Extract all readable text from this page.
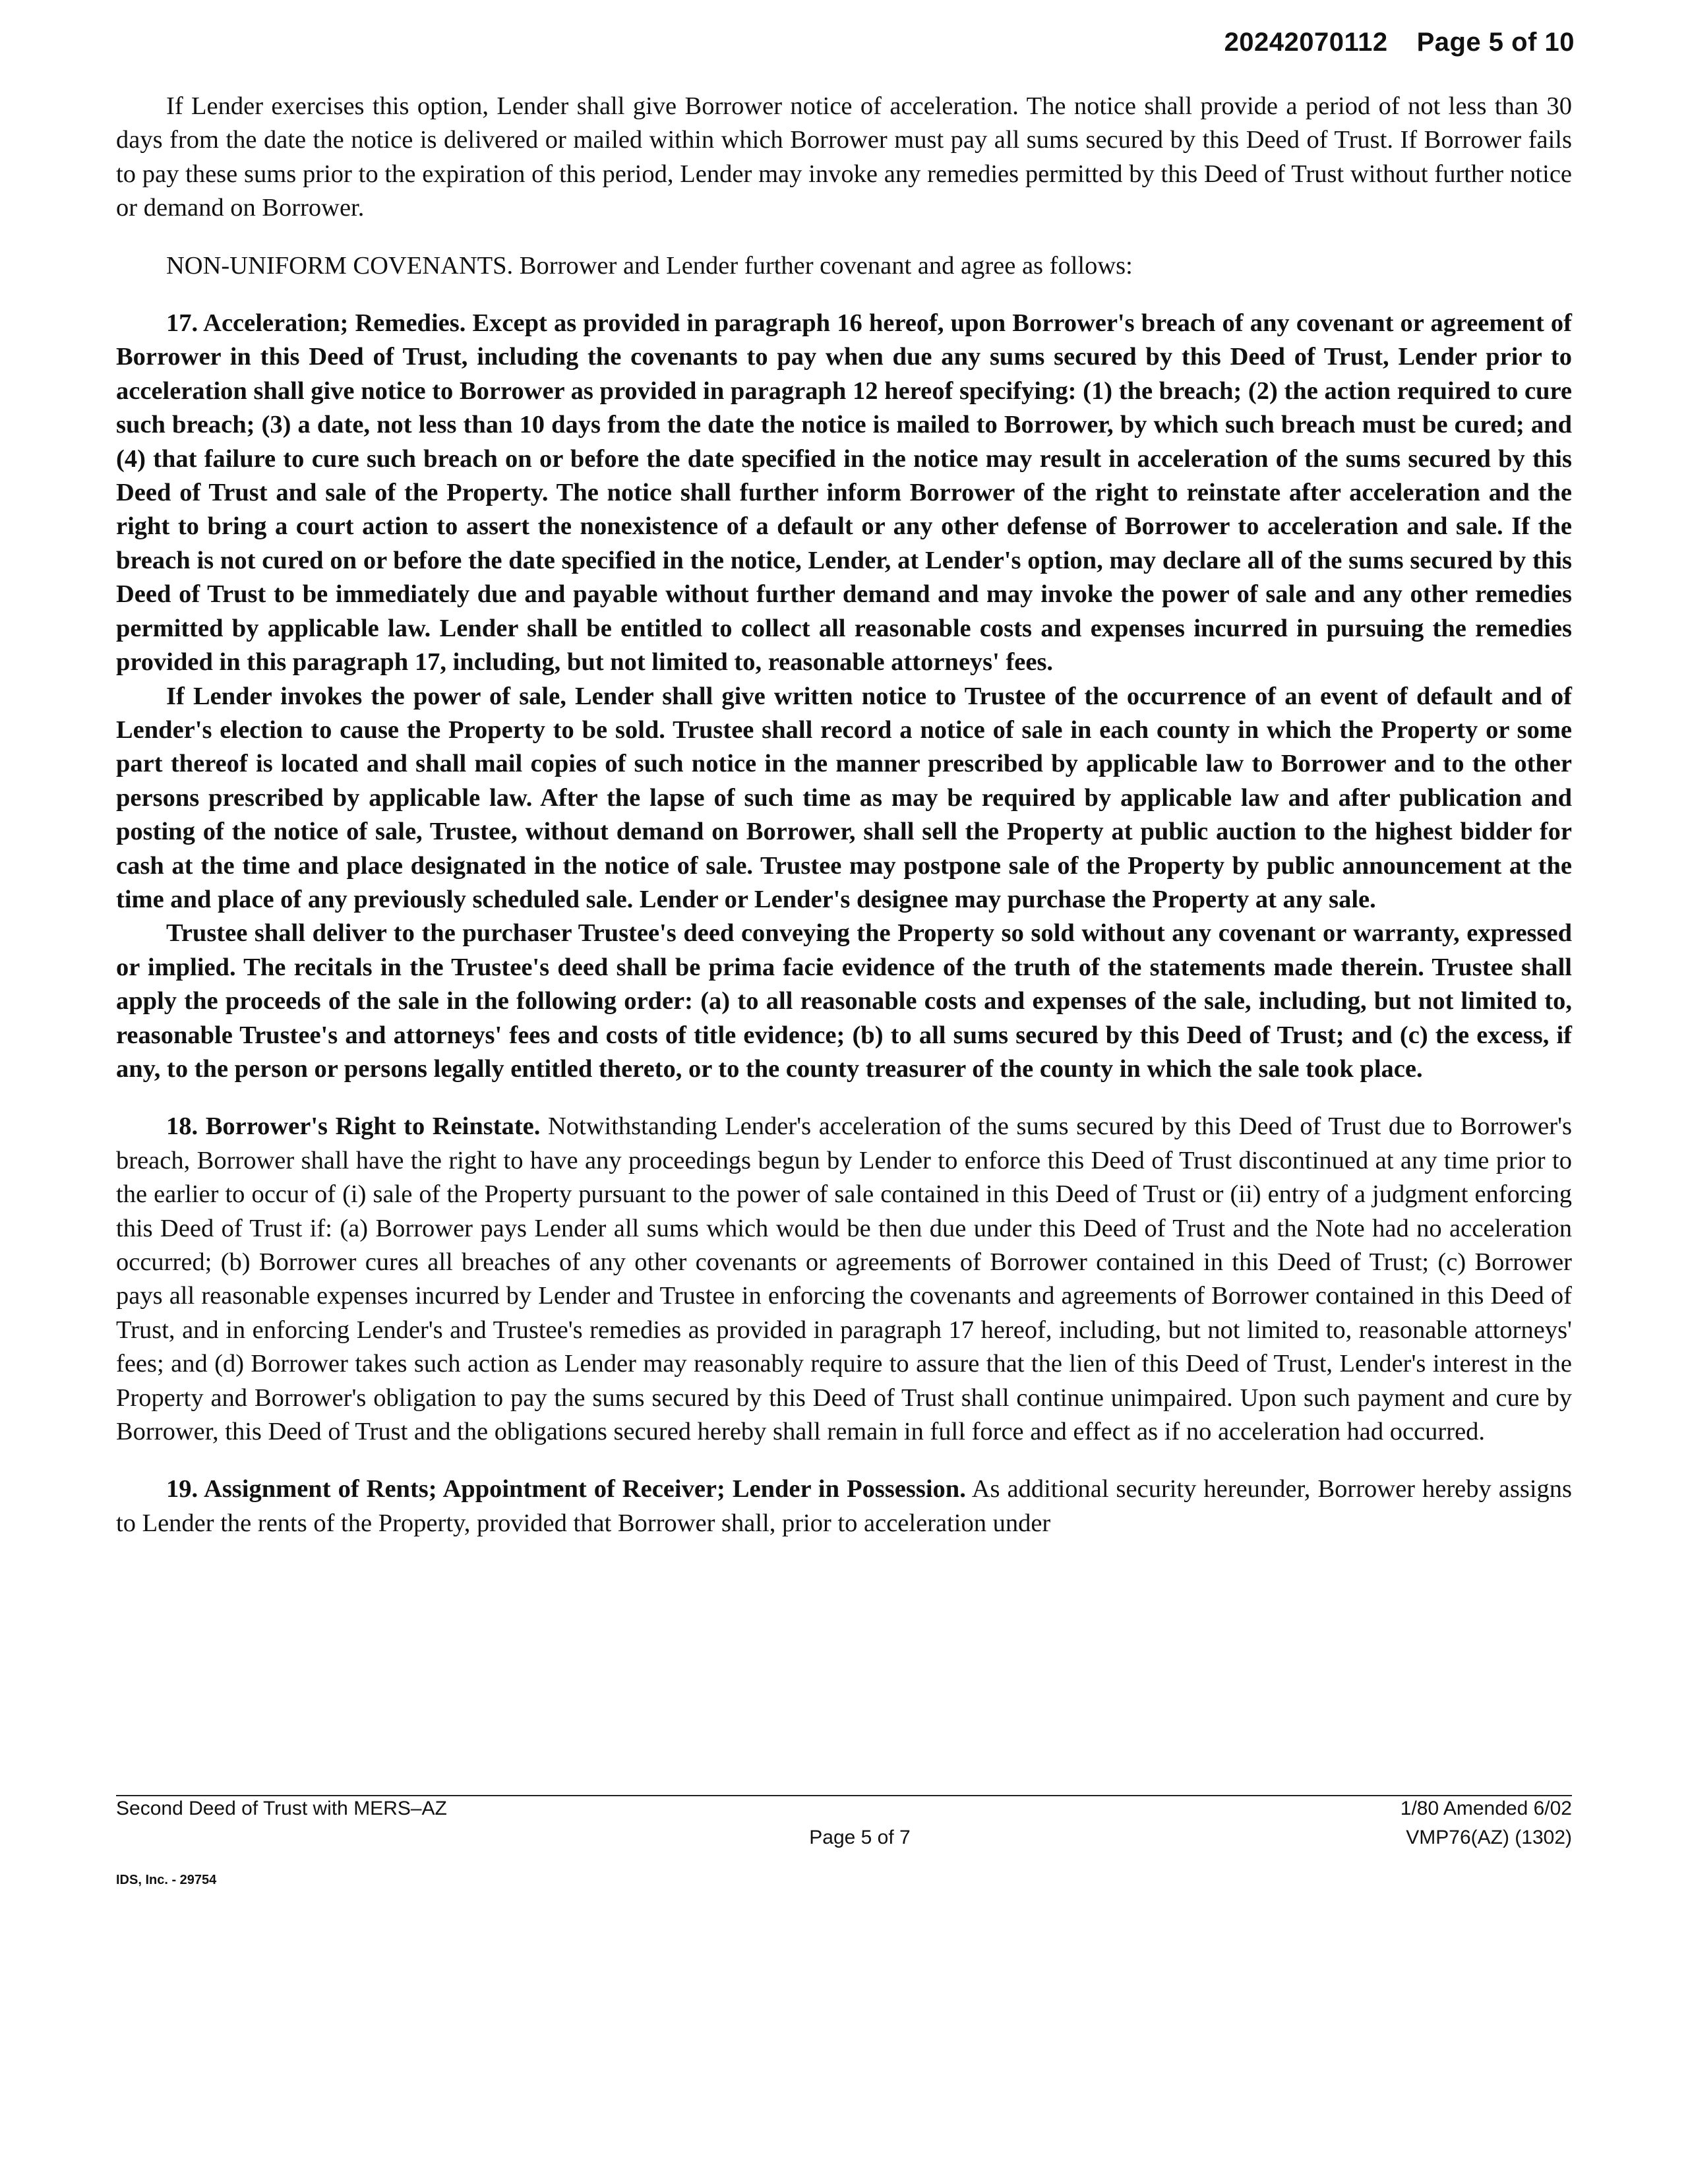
20242070112 Page 5 of 10

If Lender exercises this option, Lender shall give Borrower notice of acceleration. The notice shall provide a period of not less than 30 days from the date the notice is delivered or mailed within which Borrower must pay all sums secured by this Deed of Trust. If Borrower fails to pay these sums prior to the expiration of this period, Lender may invoke any remedies permitted by this Deed of Trust without further notice or demand on Borrower.

NON-UNIFORM COVENANTS. Borrower and Lender further covenant and agree as follows:

17. Acceleration; Remedies. Except as provided in paragraph 16 hereof, upon Borrower's breach of any covenant or agreement of Borrower in this Deed of Trust, including the covenants to pay when due any sums secured by this Deed of Trust, Lender prior to acceleration shall give notice to Borrower as provided in paragraph 12 hereof specifying: (1) the breach; (2) the action required to cure such breach; (3) a date, not less than 10 days from the date the notice is mailed to Borrower, by which such breach must be cured; and (4) that failure to cure such breach on or before the date specified in the notice may result in acceleration of the sums secured by this Deed of Trust and sale of the Property. The notice shall further inform Borrower of the right to reinstate after acceleration and the right to bring a court action to assert the nonexistence of a default or any other defense of Borrower to acceleration and sale. If the breach is not cured on or before the date specified in the notice, Lender, at Lender's option, may declare all of the sums secured by this Deed of Trust to be immediately due and payable without further demand and may invoke the power of sale and any other remedies permitted by applicable law. Lender shall be entitled to collect all reasonable costs and expenses incurred in pursuing the remedies provided in this paragraph 17, including, but not limited to, reasonable attorneys' fees.

If Lender invokes the power of sale, Lender shall give written notice to Trustee of the occurrence of an event of default and of Lender's election to cause the Property to be sold. Trustee shall record a notice of sale in each county in which the Property or some part thereof is located and shall mail copies of such notice in the manner prescribed by applicable law to Borrower and to the other persons prescribed by applicable law. After the lapse of such time as may be required by applicable law and after publication and posting of the notice of sale, Trustee, without demand on Borrower, shall sell the Property at public auction to the highest bidder for cash at the time and place designated in the notice of sale. Trustee may postpone sale of the Property by public announcement at the time and place of any previously scheduled sale. Lender or Lender's designee may purchase the Property at any sale.

Trustee shall deliver to the purchaser Trustee's deed conveying the Property so sold without any covenant or warranty, expressed or implied. The recitals in the Trustee's deed shall be prima facie evidence of the truth of the statements made therein. Trustee shall apply the proceeds of the sale in the following order: (a) to all reasonable costs and expenses of the sale, including, but not limited to, reasonable Trustee's and attorneys' fees and costs of title evidence; (b) to all sums secured by this Deed of Trust; and (c) the excess, if any, to the person or persons legally entitled thereto, or to the county treasurer of the county in which the sale took place.

18. Borrower's Right to Reinstate. Notwithstanding Lender's acceleration of the sums secured by this Deed of Trust due to Borrower's breach, Borrower shall have the right to have any proceedings begun by Lender to enforce this Deed of Trust discontinued at any time prior to the earlier to occur of (i) sale of the Property pursuant to the power of sale contained in this Deed of Trust or (ii) entry of a judgment enforcing this Deed of Trust if: (a) Borrower pays Lender all sums which would be then due under this Deed of Trust and the Note had no acceleration occurred; (b) Borrower cures all breaches of any other covenants or agreements of Borrower contained in this Deed of Trust; (c) Borrower pays all reasonable expenses incurred by Lender and Trustee in enforcing the covenants and agreements of Borrower contained in this Deed of Trust, and in enforcing Lender's and Trustee's remedies as provided in paragraph 17 hereof, including, but not limited to, reasonable attorneys' fees; and (d) Borrower takes such action as Lender may reasonably require to assure that the lien of this Deed of Trust, Lender's interest in the Property and Borrower's obligation to pay the sums secured by this Deed of Trust shall continue unimpaired. Upon such payment and cure by Borrower, this Deed of Trust and the obligations secured hereby shall remain in full force and effect as if no acceleration had occurred.

19. Assignment of Rents; Appointment of Receiver; Lender in Possession. As additional security hereunder, Borrower hereby assigns to Lender the rents of the Property, provided that Borrower shall, prior to acceleration under

Second Deed of Trust with MERS–AZ
Page 5 of 7
1/80 Amended 6/02
VMP76(AZ) (1302)
IDS, Inc. - 29754
